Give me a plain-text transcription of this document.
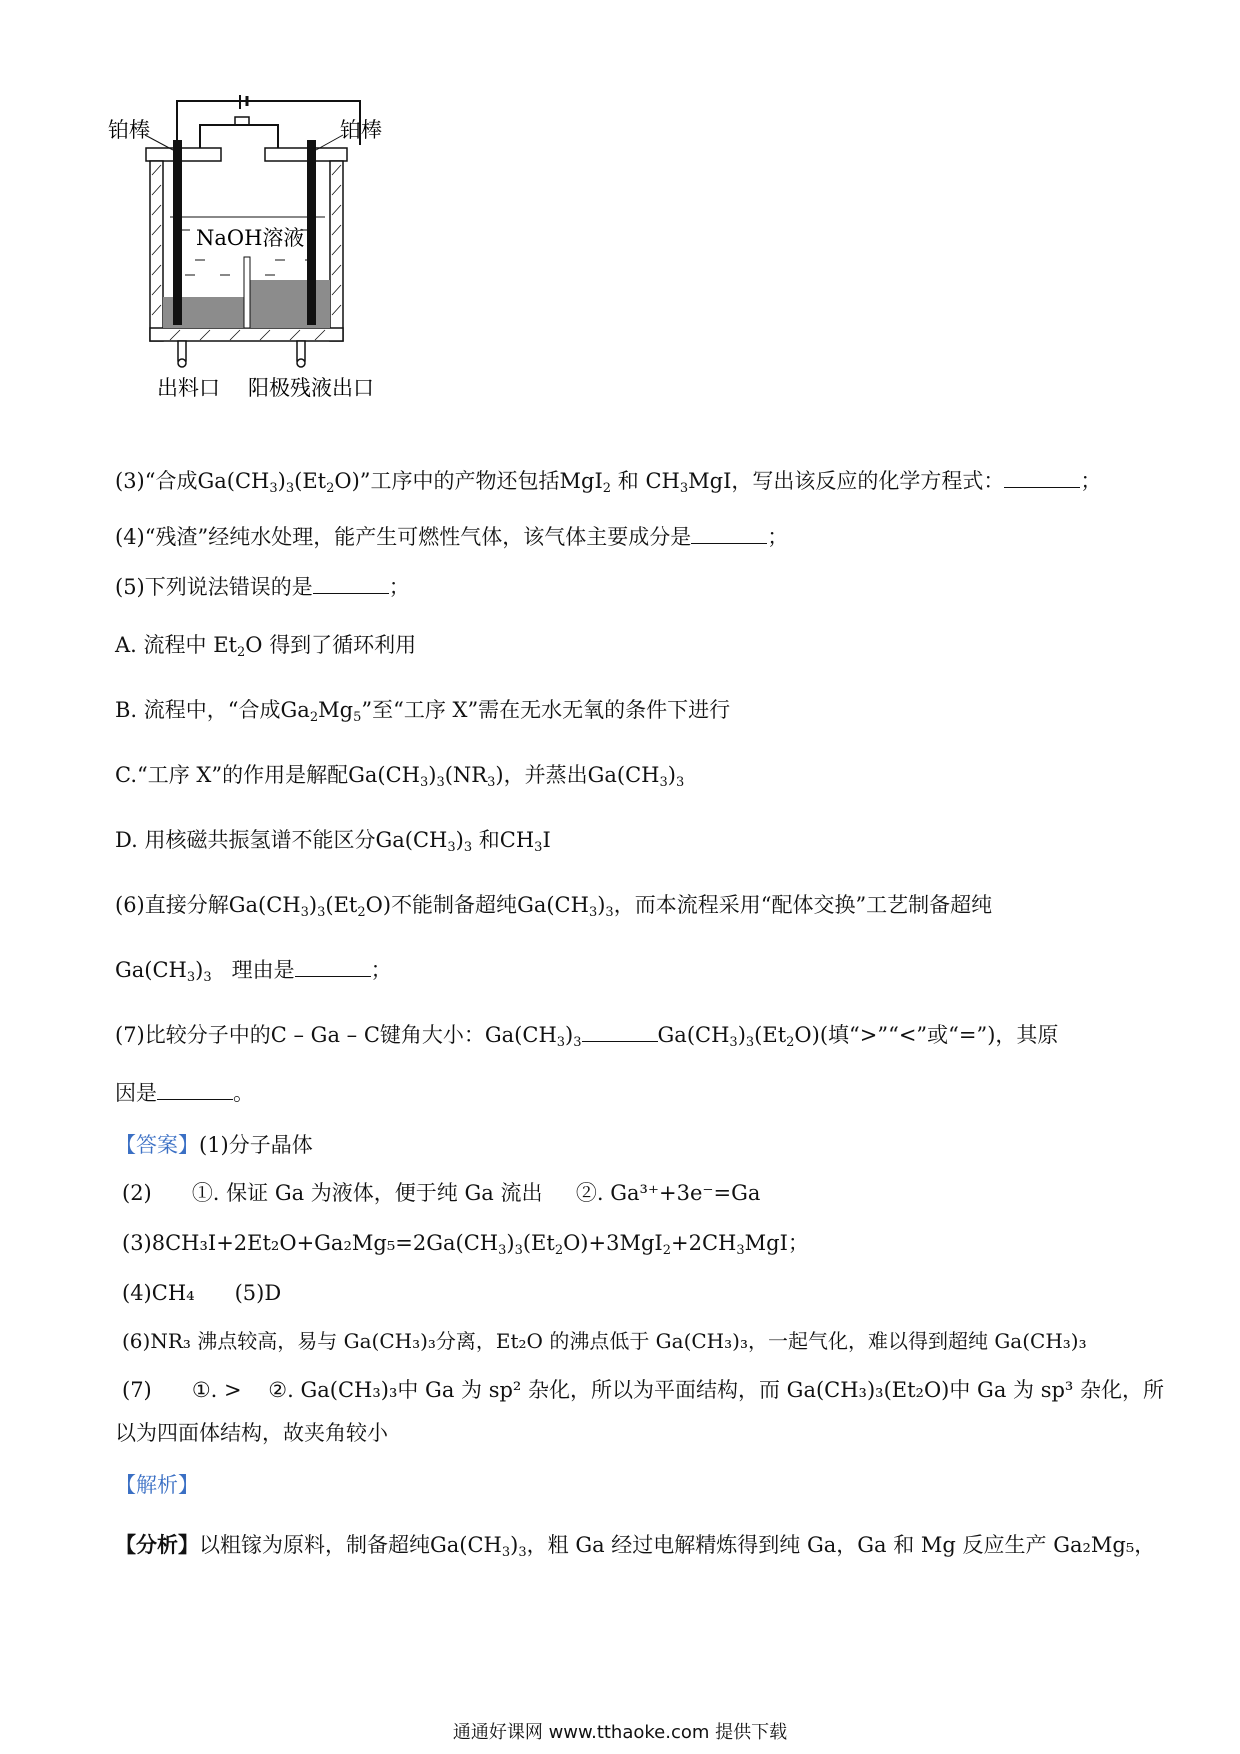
铂棒	铂棒
NaOH溶液
出料口 阳极残液出口
(3)“合成$Ga(CH_3)_3(Et_2O)$”工序中的产物还包括MgI$_2$ 和 $CH_3MgI$，写出该反应的化学方程式：	；
(4)“残渣”经纯水处理，能产生可燃性气体，该气体主要成分是	；
(5)下列说法错误的是	；
A. 流程中 $Et_2O$ 得到了循环利用
B. 流程中，“合成$Ga_2Mg_5$”至“工序 X”需在无水无氧的条件下进行
C.“工序 X”的作用是解配$Ga(CH_3)_3(NR_3)$，并蒸出$Ga(CH_3)_3$
D. 用核磁共振氢谱不能区分$Ga(CH_3)_3$ 和$CH_3I$
(6)直接分解$Ga(CH_3)_3(Et_2O)$不能制备超纯$Ga(CH_3)_3$，而本流程采用“配体交换”工艺制备超纯
$Ga(CH_3)_3$ 理由是	；
(7)比较分子中的C – Ga – C键角大小：$Ga(CH_3)_3$	$Ga(CH_3)_3(Et_2O)$(填“>”“<”或“=”)，其原
因是	。
【答案】(1)分子晶体
(2) ①. 保证 Ga 为液体，便于纯 Ga 流出 ②. Ga³⁺+3e⁻=Ga
$(3)8CH_3I+2Et_2O+Ga_2Mg_5=2Ga(CH_3)_3(Et_2O)+3MgI_2+2CH_3MgI$；
(4)CH₄ (5)D
(6)NR₃ 沸点较高，易与 Ga(CH₃)₃分离，Et₂O 的沸点低于 Ga(CH₃)₃，一起气化，难以得到超纯 Ga(CH₃)₃
(7) ①. > ②. Ga(CH₃)₃中 Ga 为 sp² 杂化，所以为平面结构，而 Ga(CH₃)₃(Et₂O)中 Ga 为 sp³ 杂化，所
以为四面体结构，故夹角较小
【解析】
【分析】以粗镓为原料，制备超纯$Ga(CH_3)_3$，粗 Ga 经过电解精炼得到纯 Ga，Ga 和 Mg 反应生产 Ga₂Mg₅，
通通好课网 www.tthaoke.com 提供下载
